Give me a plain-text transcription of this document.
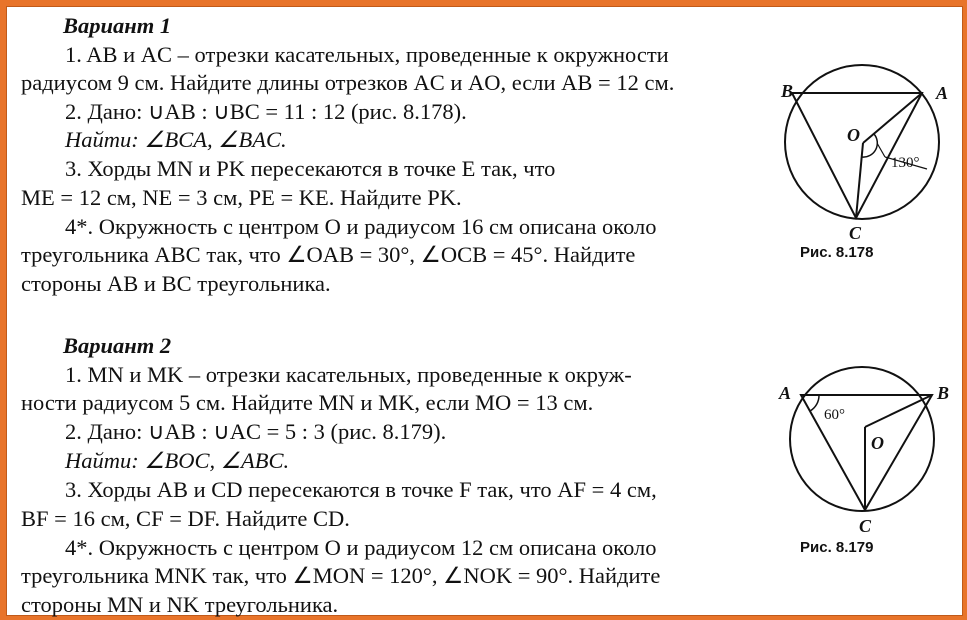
Вариант 1
1. AB и AC – отрезки касательных, проведенные к окружности
радиусом 9 см. Найдите длины отрезков AC и AO, если AB = 12 см.
2. Дано: ∪AB : ∪BC = 11 : 12 (рис. 8.178).
Найти: ∠BCA, ∠BAC.
3. Хорды MN и PK пересекаются в точке E так, что
ME = 12 см, NE = 3 см, PE = KE. Найдите PK.
4*. Окружность с центром O и радиусом 16 см описана около
треугольника ABC так, что ∠OAB = 30°, ∠OCB = 45°. Найдите
стороны AB и BC треугольника.
Вариант 2
1. MN и MK – отрезки касательных, проведенные к окруж-
ности радиусом 5 см. Найдите MN и MK, если MO = 13 см.
2. Дано: ∪AB : ∪AC = 5 : 3 (рис. 8.179).
Найти: ∠BOC, ∠ABC.
3. Хорды AB и CD пересекаются в точке F так, что AF = 4 см,
BF = 16 см, CF = DF. Найдите CD.
4*. Окружность с центром O и радиусом 12 см описана около
треугольника MNK так, что ∠MON = 120°, ∠NOK = 90°. Найдите
стороны MN и NK треугольника.
B	A
C
O
130°
Рис. 8.178
A	B
C
O
60°
Рис. 8.179
